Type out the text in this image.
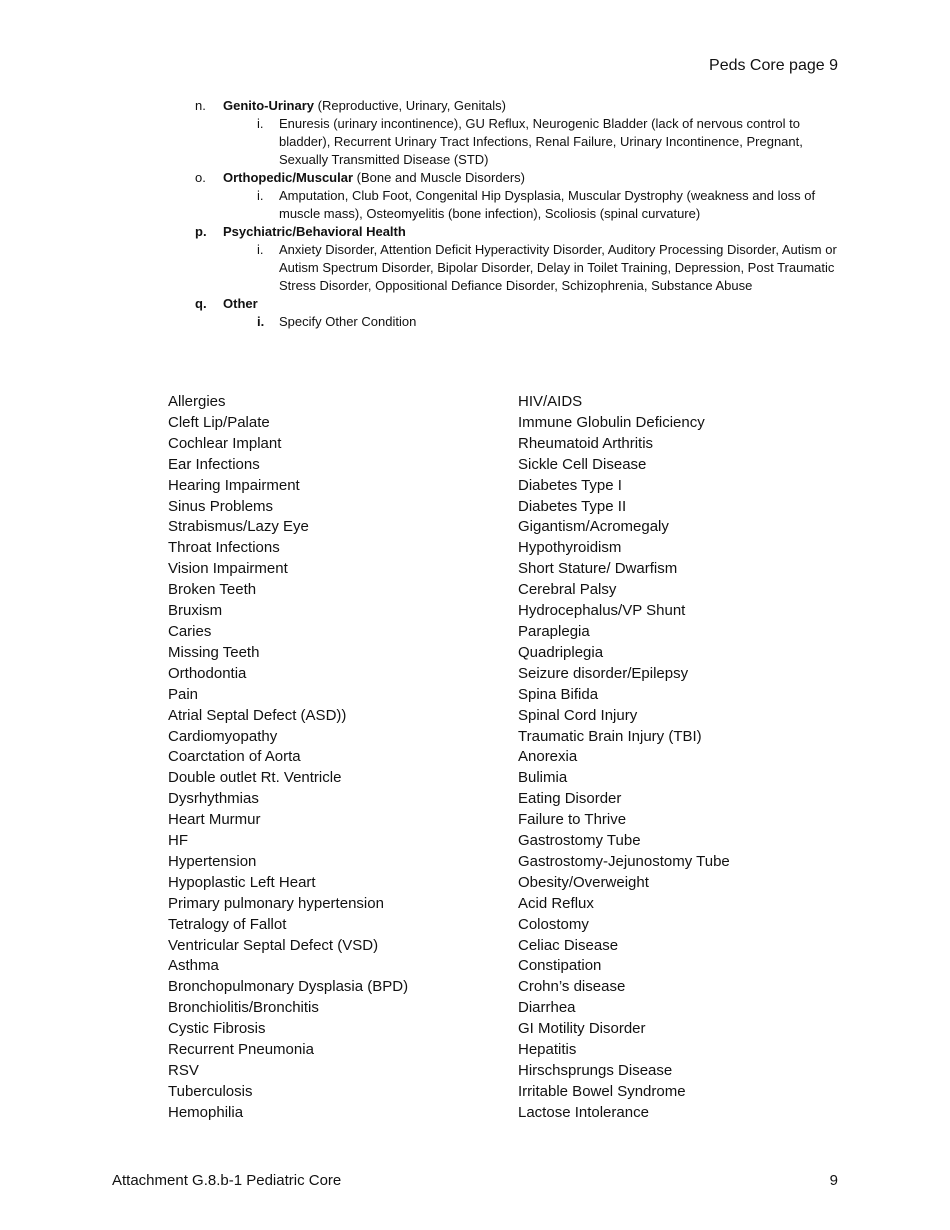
Peds Core page 9
n.	Genito-Urinary (Reproductive, Urinary, Genitals)
i.	Enuresis (urinary incontinence), GU Reflux, Neurogenic Bladder (lack of nervous control to bladder), Recurrent Urinary Tract Infections, Renal Failure, Urinary Incontinence, Pregnant, Sexually Transmitted Disease (STD)
o.	Orthopedic/Muscular (Bone and Muscle Disorders)
i.	Amputation, Club Foot, Congenital Hip Dysplasia, Muscular Dystrophy (weakness and loss of muscle mass), Osteomyelitis (bone infection), Scoliosis (spinal curvature)
p.	Psychiatric/Behavioral Health
i.	Anxiety Disorder, Attention Deficit Hyperactivity Disorder, Auditory Processing Disorder, Autism or Autism Spectrum Disorder, Bipolar Disorder, Delay in Toilet Training, Depression, Post Traumatic Stress Disorder, Oppositional Defiance Disorder, Schizophrenia, Substance Abuse
q.	Other
i.	Specify Other Condition
Allergies
Cleft Lip/Palate
Cochlear Implant
Ear Infections
Hearing Impairment
Sinus Problems
Strabismus/Lazy Eye
Throat Infections
Vision Impairment
Broken Teeth
Bruxism
Caries
Missing Teeth
Orthodontia
Pain
Atrial Septal Defect (ASD))
Cardiomyopathy
Coarctation of Aorta
Double outlet Rt. Ventricle
Dysrhythmias
Heart Murmur
HF
Hypertension
Hypoplastic Left Heart
Primary pulmonary hypertension
Tetralogy of Fallot
Ventricular Septal Defect (VSD)
Asthma
Bronchopulmonary Dysplasia (BPD)
Bronchiolitis/Bronchitis
Cystic Fibrosis
Recurrent Pneumonia
RSV
Tuberculosis
Hemophilia
HIV/AIDS
Immune Globulin Deficiency
Rheumatoid Arthritis
Sickle Cell Disease
Diabetes Type I
Diabetes Type II
Gigantism/Acromegaly
Hypothyroidism
Short Stature/ Dwarfism
Cerebral Palsy
Hydrocephalus/VP Shunt
Paraplegia
Quadriplegia
Seizure disorder/Epilepsy
Spina Bifida
Spinal Cord Injury
Traumatic Brain Injury (TBI)
Anorexia
Bulimia
Eating Disorder
Failure to Thrive
Gastrostomy Tube
Gastrostomy-Jejunostomy Tube
Obesity/Overweight
Acid Reflux
Colostomy
Celiac Disease
Constipation
Crohn’s disease
Diarrhea
GI Motility Disorder
Hepatitis
Hirschsprungs Disease
Irritable Bowel Syndrome
Lactose Intolerance
Attachment G.8.b-1 Pediatric Core	9
